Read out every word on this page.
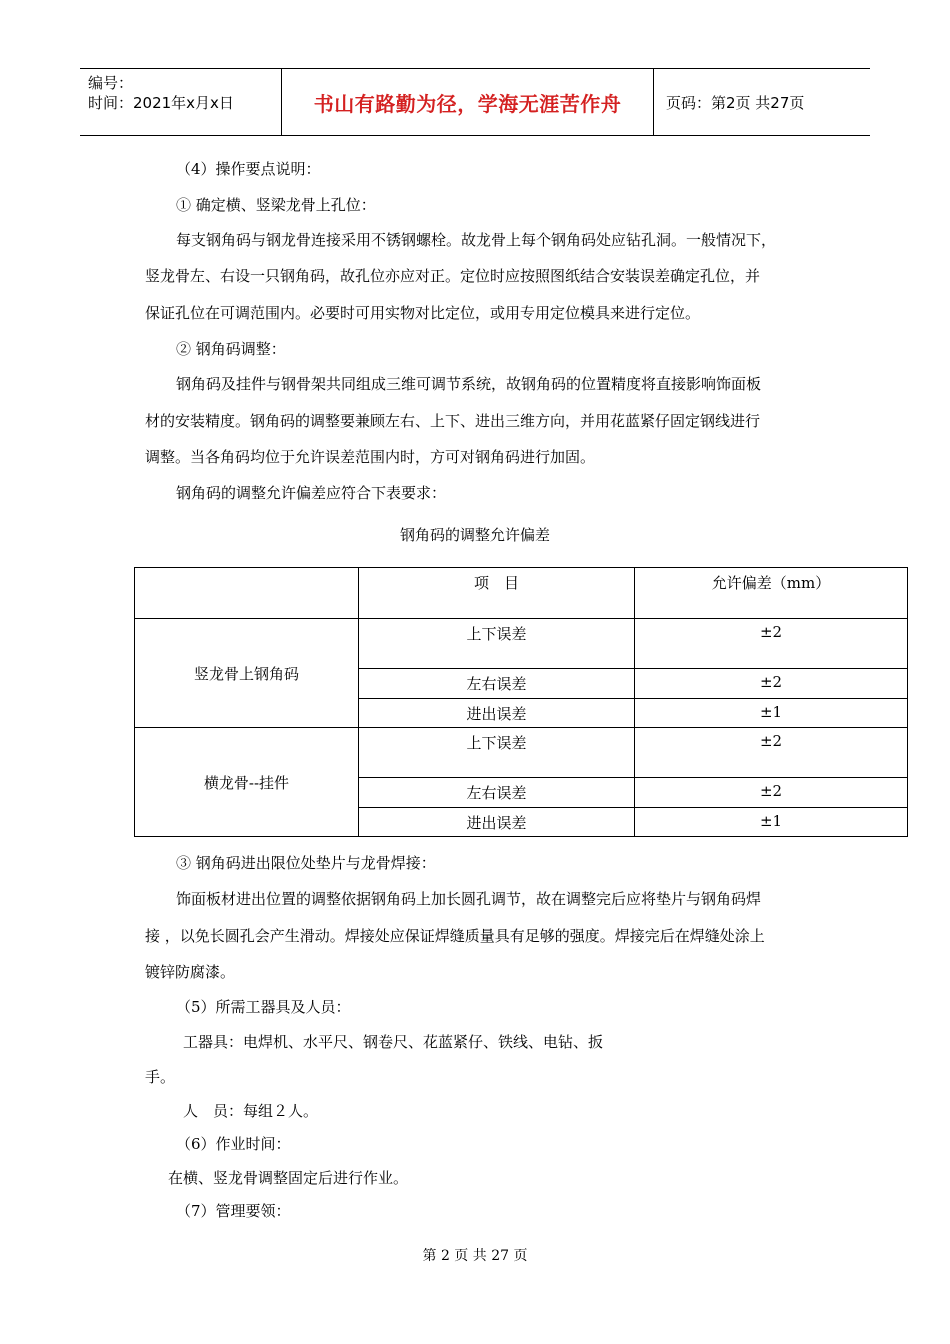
编号：
时间：2021年x月x日	书山有路勤为径，学海无涯苦作舟	页码：第2页 共27页
（4）操作要点说明：
① 确定横、竖梁龙骨上孔位：
每支钢角码与钢龙骨连接采用不锈钢螺栓。故龙骨上每个钢角码处应钻孔洞。一般情况下，
竖龙骨左、右设一只钢角码，故孔位亦应对正。定位时应按照图纸结合安装误差确定孔位，并
保证孔位在可调范围内。必要时可用实物对比定位，或用专用定位模具来进行定位。
② 钢角码调整：
钢角码及挂件与钢骨架共同组成三维可调节系统，故钢角码的位置精度将直接影响饰面板
材的安装精度。钢角码的调整要兼顾左右、上下、进出三维方向，并用花蓝紧仔固定钢线进行
调整。当各角码均位于允许误差范围内时，方可对钢角码进行加固。
钢角码的调整允许偏差应符合下表要求：
钢角码的调整允许偏差
	项　目	允许偏差（mm）
竖龙骨上钢角码	上下误差	±2
	左右误差	±2
	进出误差	±1
横龙骨--挂件	上下误差	±2
	左右误差	±2
	进出误差	±1
③ 钢角码进出限位处垫片与龙骨焊接：
饰面板材进出位置的调整依据钢角码上加长圆孔调节，故在调整完后应将垫片与钢角码焊
接 ，以免长圆孔会产生滑动。焊接处应保证焊缝质量具有足够的强度。焊接完后在焊缝处涂上
镀锌防腐漆。
（5）所需工器具及人员：
工器具：电焊机、水平尺、钢卷尺、花蓝紧仔、铁线、电钻、扳
手。
人　员：每组２人。
（6）作业时间：
在横、竖龙骨调整固定后进行作业。
（7）管理要领：
第 2 页 共 27 页
